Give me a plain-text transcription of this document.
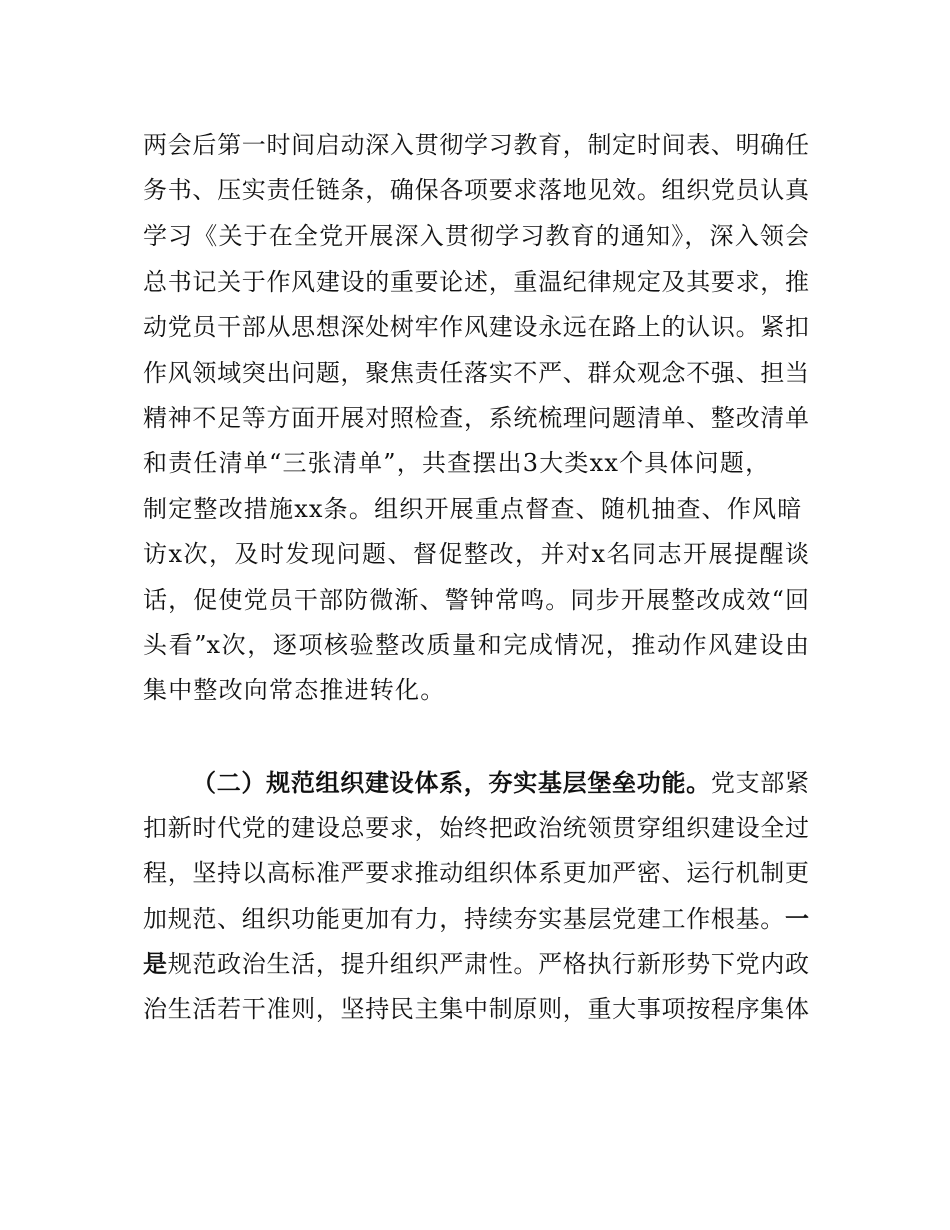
两会后第一时间启动深入贯彻学习教育，制定时间表、明确任
务书、压实责任链条，确保各项要求落地见效。组织党员认真
学习《关于在全党开展深入贯彻学习教育的通知》，深入领会
总书记关于作风建设的重要论述，重温纪律规定及其要求，推
动党员干部从思想深处树牢作风建设永远在路上的认识。紧扣
作风领域突出问题，聚焦责任落实不严、群众观念不强、担当
精神不足等方面开展对照检查，系统梳理问题清单、整改清单
和责任清单“三张清单”，共查摆出3大类xx个具体问题，
制定整改措施xx条。组织开展重点督查、随机抽查、作风暗
访x次，及时发现问题、督促整改，并对x名同志开展提醒谈
话，促使党员干部防微渐、警钟常鸣。同步开展整改成效“回
头看”x次，逐项核验整改质量和完成情况，推动作风建设由
集中整改向常态推进转化。
（二）规范组织建设体系，夯实基层堡垒功能。党支部紧
扣新时代党的建设总要求，始终把政治统领贯穿组织建设全过
程，坚持以高标准严要求推动组织体系更加严密、运行机制更
加规范、组织功能更加有力，持续夯实基层党建工作根基。一
是规范政治生活，提升组织严肃性。严格执行新形势下党内政
治生活若干准则，坚持民主集中制原则，重大事项按程序集体
